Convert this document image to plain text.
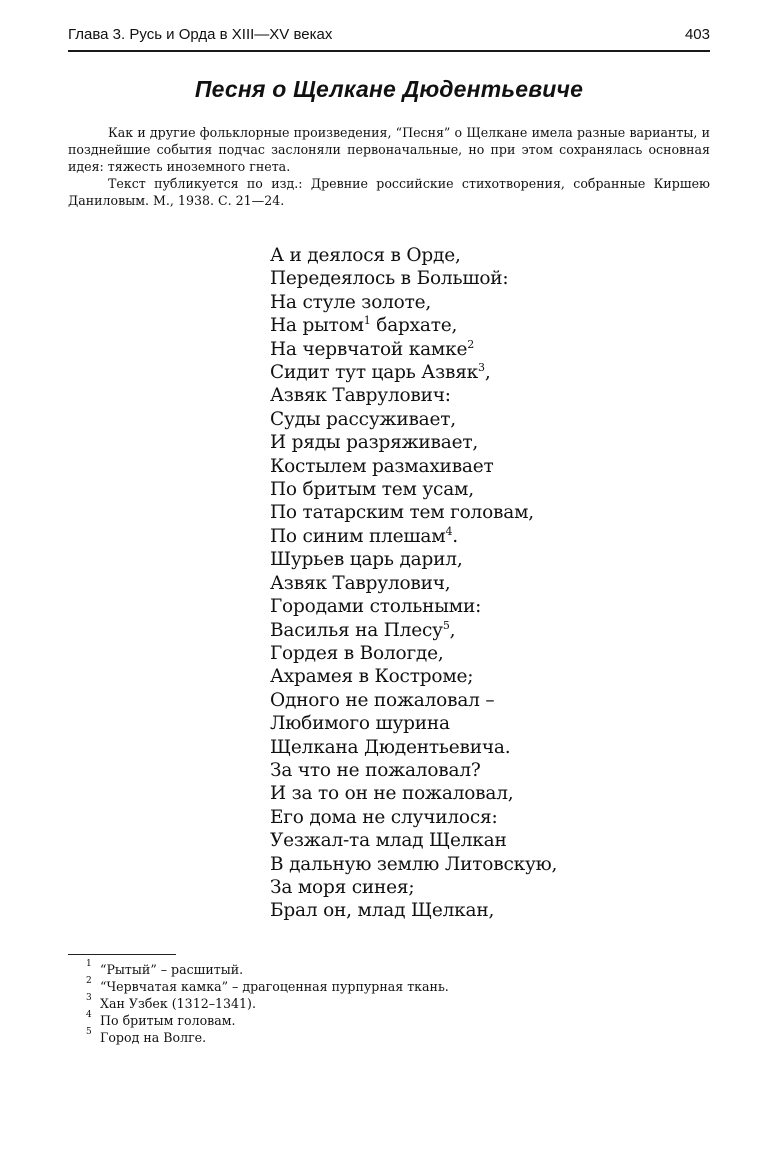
Глава 3. Русь и Орда в XIII—XV веках	403
Песня о Щелкане Дюдентьевиче

Как и другие фольклорные произведения, “Песня” о Щелкане имела разные варианты, и позднейшие события подчас заслоняли первоначальные, но при этом сохранялась основная идея: тяжесть иноземного гнета.

Текст публикуется по изд.: Древние российские стихотворения, собранные Киршею Даниловым. М., 1938. С. 21—24.

А и деялося в Орде,
Передеялось в Большой:
На стуле золоте,
На рытом$^1$ бархате,
На червчатой камке$^2$
Сидит тут царь Азвяк$^3$,
Азвяк Таврулович:
Суды рассуживает,
И ряды разряживает,
Костылем размахивает
По бритым тем усам,
По татарским тем головам,
По синим плешам$^4$.
Шурьев царь дарил,
Азвяк Таврулович,
Городами стольными:
Василья на Плесу$^5$,
Гордея в Вологде,
Ахрамея в Костроме;
Одного не пожаловал –
Любимого шурина
Щелкана Дюдентьевича.
За что не пожаловал?
И за то он не пожаловал,
Его дома не случилося:
Уезжал-та млад Щелкан
В дальную землю Литовскую,
За моря синея;
Брал он, млад Щелкан,
1 “Рытый” – расшитый.
2 “Червчатая камка” – драгоценная пурпурная ткань.
3 Хан Узбек (1312–1341).
4 По бритым головам.
5 Город на Волге.
